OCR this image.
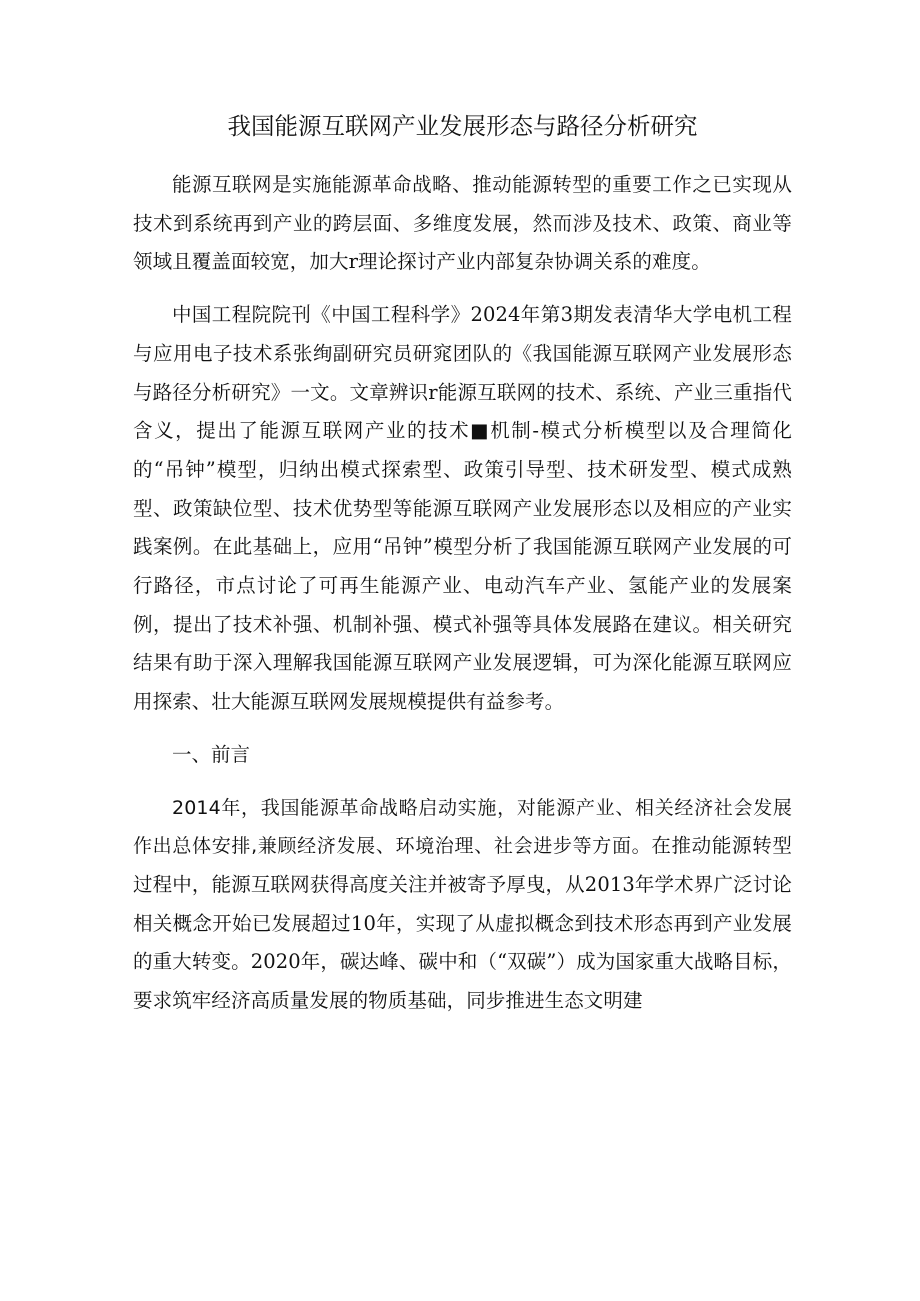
我国能源互联网产业发展形态与路径分析研究

能源互联网是实施能源革命战略、推动能源转型的重要工作之已实现从技术到系统再到产业的跨层面、多维度发展，然而涉及技术、政策、商业等领域且覆盖面较宽，加大r理论探讨产业内部复杂协调关系的难度。

中国工程院院刊《中国工程科学》2024年第3期发表清华大学电机工程与应用电子技术系张绚副研究员研窕团队的《我国能源互联网产业发展形态与路径分析研究》一文。文章辨识r能源互联网的技术、系统、产业三重指代含义，提出了能源互联网产业的技术■机制-模式分析模型以及合理简化的“吊钟”模型，归纳出模式探索型、政策引导型、技术研发型、模式成熟型、政策缺位型、技术优势型等能源互联网产业发展形态以及相应的产业实践案例。在此基础上，应用“吊钟”模型分析了我国能源互联网产业发展的可行路径，市点讨论了可再生能源产业、电动汽车产业、氢能产业的发展案例，提出了技术补强、机制补强、模式补强等具体发展路在建议。相关研究结果有助于深入理解我国能源互联网产业发展逻辑，可为深化能源互联网应用探索、壮大能源互联网发展规模提供有益参考。

一、前言

2014年，我国能源革命战略启动实施，对能源产业、相关经济社会发展作出总体安排,兼顾经济发展、环境治理、社会进步等方面。在推动能源转型过程中，能源互联网获得高度关注并被寄予厚曳，从2013年学术界广泛讨论相关概念开始已发展超过10年，实现了从虚拟概念到技术形态再到产业发展的重大转变。2020年，碳达峰、碳中和（“双碳”）成为国家重大战略目标，要求筑牢经济高质量发展的物质基础，同步推进生态文明建
